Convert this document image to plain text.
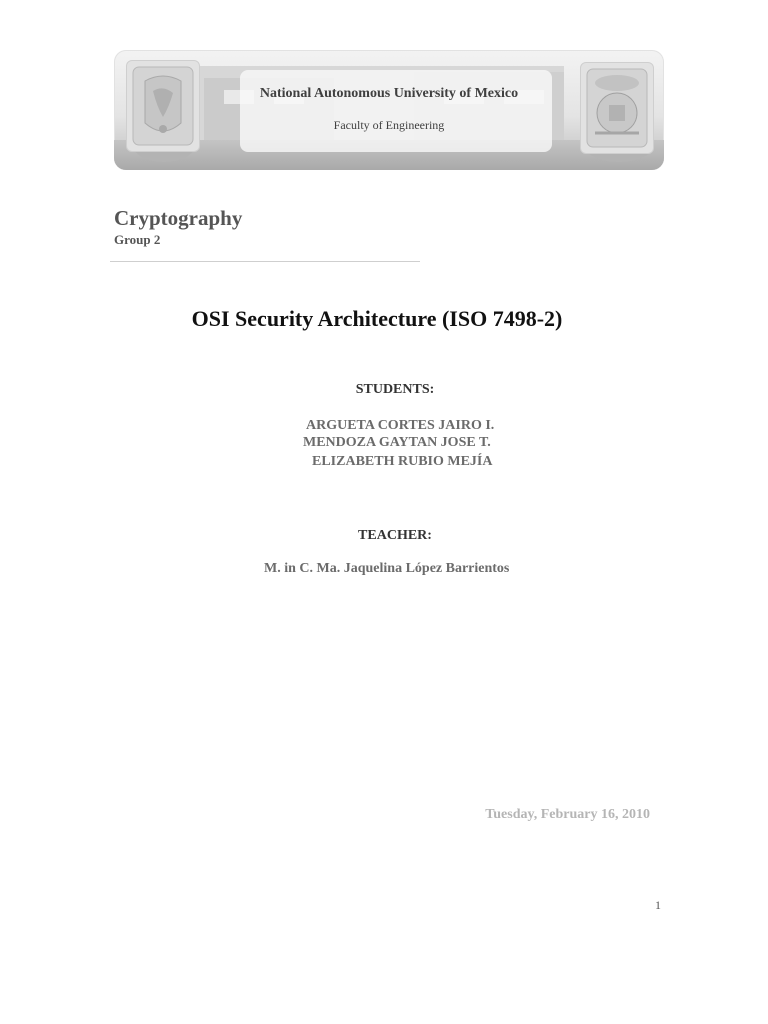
National Autonomous University of Mexico
Faculty of Engineering
Cryptography
Group 2
OSI Security Architecture (ISO 7498-2)
STUDENTS:
ARGUETA CORTES JAIRO I.
MENDOZA GAYTAN JOSE T.
ELIZABETH RUBIO MEJÍA
TEACHER:
M. in C. Ma. Jaquelina López Barrientos
Tuesday, February 16, 2010
1
